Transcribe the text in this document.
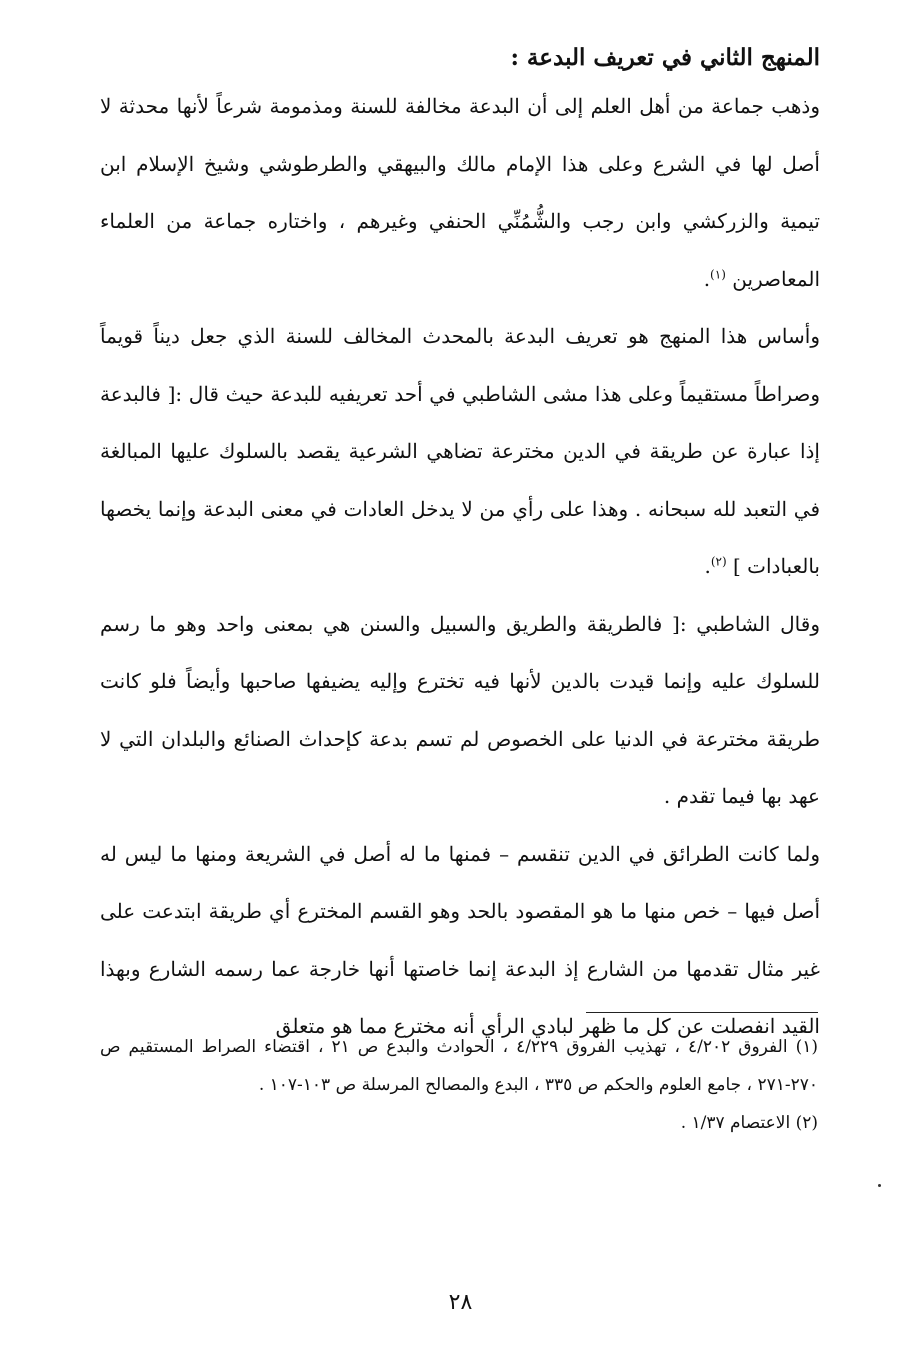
المنهج الثاني في تعريف البدعة :

وذهب جماعة من أهل العلم إلى أن البدعة مخالفة للسنة ومذمومة شرعاً لأنها محدثة لا أصل لها في الشرع وعلى هذا الإمام مالك والبيهقي والطرطوشي وشيخ الإسلام ابن تيمية والزركشي وابن رجب والشُّمُنِّي الحنفي وغيرهم ، واختاره جماعة من العلماء المعاصرين $^{(١)}$.

وأساس هذا المنهج هو تعريف البدعة بالمحدث المخالف للسنة الذي جعل ديناً قويماً وصراطاً مستقيماً وعلى هذا مشى الشاطبي في أحد تعريفيه للبدعة حيث قال :[ فالبدعة إذا عبارة عن طريقة في الدين مخترعة تضاهي الشرعية يقصد بالسلوك عليها المبالغة في التعبد لله سبحانه . وهذا على رأي من لا يدخل العادات في معنى البدعة وإنما يخصها بالعبادات ] $^{(٢)}$.

وقال الشاطبي :[ فالطريقة والطريق والسبيل والسنن هي بمعنى واحد وهو ما رسم للسلوك عليه وإنما قيدت بالدين لأنها فيه تخترع وإليه يضيفها صاحبها وأيضاً فلو كانت طريقة مخترعة في الدنيا على الخصوص لم تسم بدعة كإحداث الصنائع والبلدان التي لا عهد بها فيما تقدم .

ولما كانت الطرائق في الدين تنقسم – فمنها ما له أصل في الشريعة ومنها ما ليس له أصل فيها – خص منها ما هو المقصود بالحد وهو القسم المخترع أي طريقة ابتدعت على غير مثال تقدمها من الشارع إذ البدعة إنما خاصتها أنها خارجة عما رسمه الشارع وبهذا القيد انفصلت عن كل ما ظهر لبادي الرأي أنه مخترع مما هو متعلق

(١) الفروق ٤/٢٠٢ ، تهذيب الفروق ٤/٢٢٩ ، الحوادث والبدع ص ٢١ ، اقتضاء الصراط المستقيم ص ٢٧٠-٢٧١ ، جامع العلوم والحكم ص ٣٣٥ ، البدع والمصالح المرسلة ص ١٠٣-١٠٧ .

(٢) الاعتصام ١/٣٧ .

٢٨
